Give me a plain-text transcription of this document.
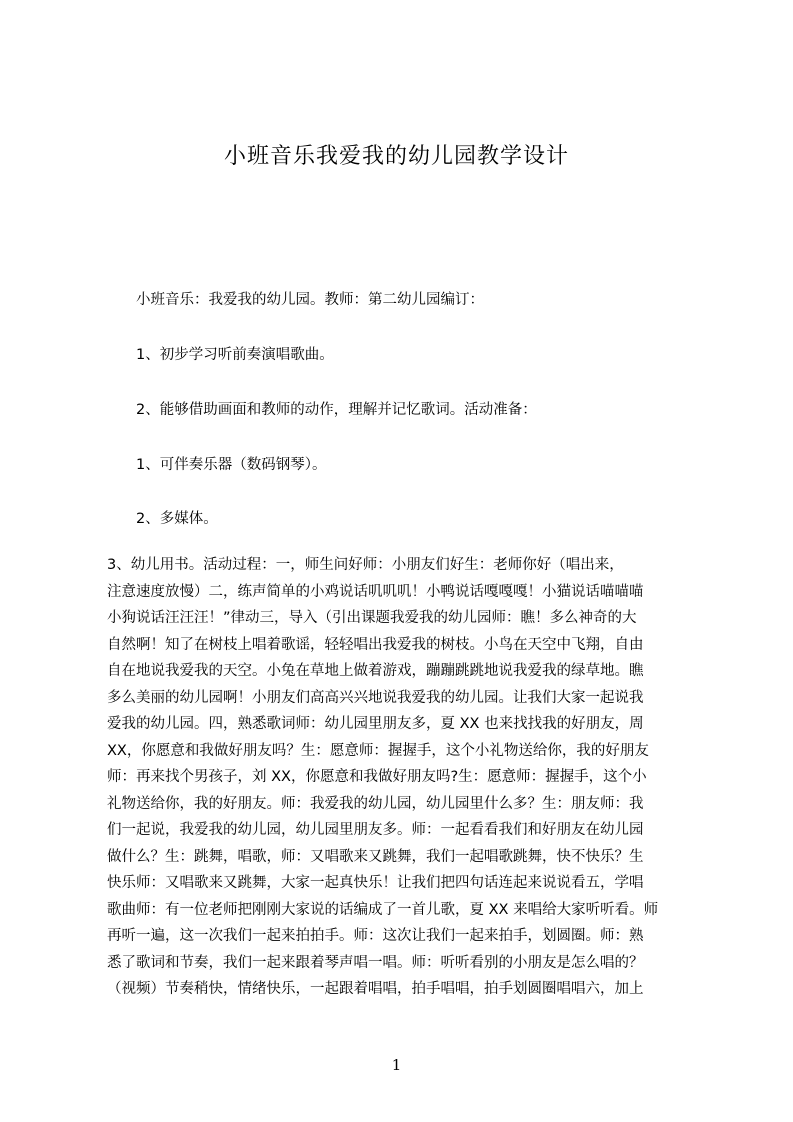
小班音乐我爱我的幼儿园教学设计
小班音乐：我爱我的幼儿园。教师：第二幼儿园编订：
1、初步学习听前奏演唱歌曲。
2、能够借助画面和教师的动作，理解并记忆歌词。活动准备：
1、可伴奏乐器（数码钢琴）。
2、多媒体。
3、幼儿用书。活动过程：一，师生问好师：小朋友们好生：老师你好（唱出来，
注意速度放慢）二，练声简单的小鸡说话叽叽叽！小鸭说话嘎嘎嘎！小猫说话喵喵喵
小狗说话汪汪汪！”律动三，导入（引出课题我爱我的幼儿园师：瞧！多么神奇的大
自然啊！知了在树枝上唱着歌谣，轻轻唱出我爱我的树枝。小鸟在天空中飞翔，自由
自在地说我爱我的天空。小兔在草地上做着游戏，蹦蹦跳跳地说我爱我的绿草地。瞧
多么美丽的幼儿园啊！小朋友们高高兴兴地说我爱我的幼儿园。让我们大家一起说我
爱我的幼儿园。四，熟悉歌词师：幼儿园里朋友多，夏 XX 也来找找我的好朋友，周
XX，你愿意和我做好朋友吗？生：愿意师：握握手，这个小礼物送给你，我的好朋友
师：再来找个男孩子，刘 XX，你愿意和我做好朋友吗?生：愿意师：握握手，这个小
礼物送给你，我的好朋友。师：我爱我的幼儿园，幼儿园里什么多？生：朋友师：我
们一起说，我爱我的幼儿园，幼儿园里朋友多。师：一起看看我们和好朋友在幼儿园
做什么？生：跳舞，唱歌，师：又唱歌来又跳舞，我们一起唱歌跳舞，快不快乐？生
快乐师：又唱歌来又跳舞，大家一起真快乐！让我们把四句话连起来说说看五，学唱
歌曲师：有一位老师把刚刚大家说的话编成了一首儿歌，夏 XX 来唱给大家听听看。师
再听一遍，这一次我们一起来拍拍手。师：这次让我们一起来拍手，划圆圈。师：熟
悉了歌词和节奏，我们一起来跟着琴声唱一唱。师：听听看别的小朋友是怎么唱的？
（视频）节奏稍快，情绪快乐，一起跟着唱唱，拍手唱唱，拍手划圆圈唱唱六，加上
1
